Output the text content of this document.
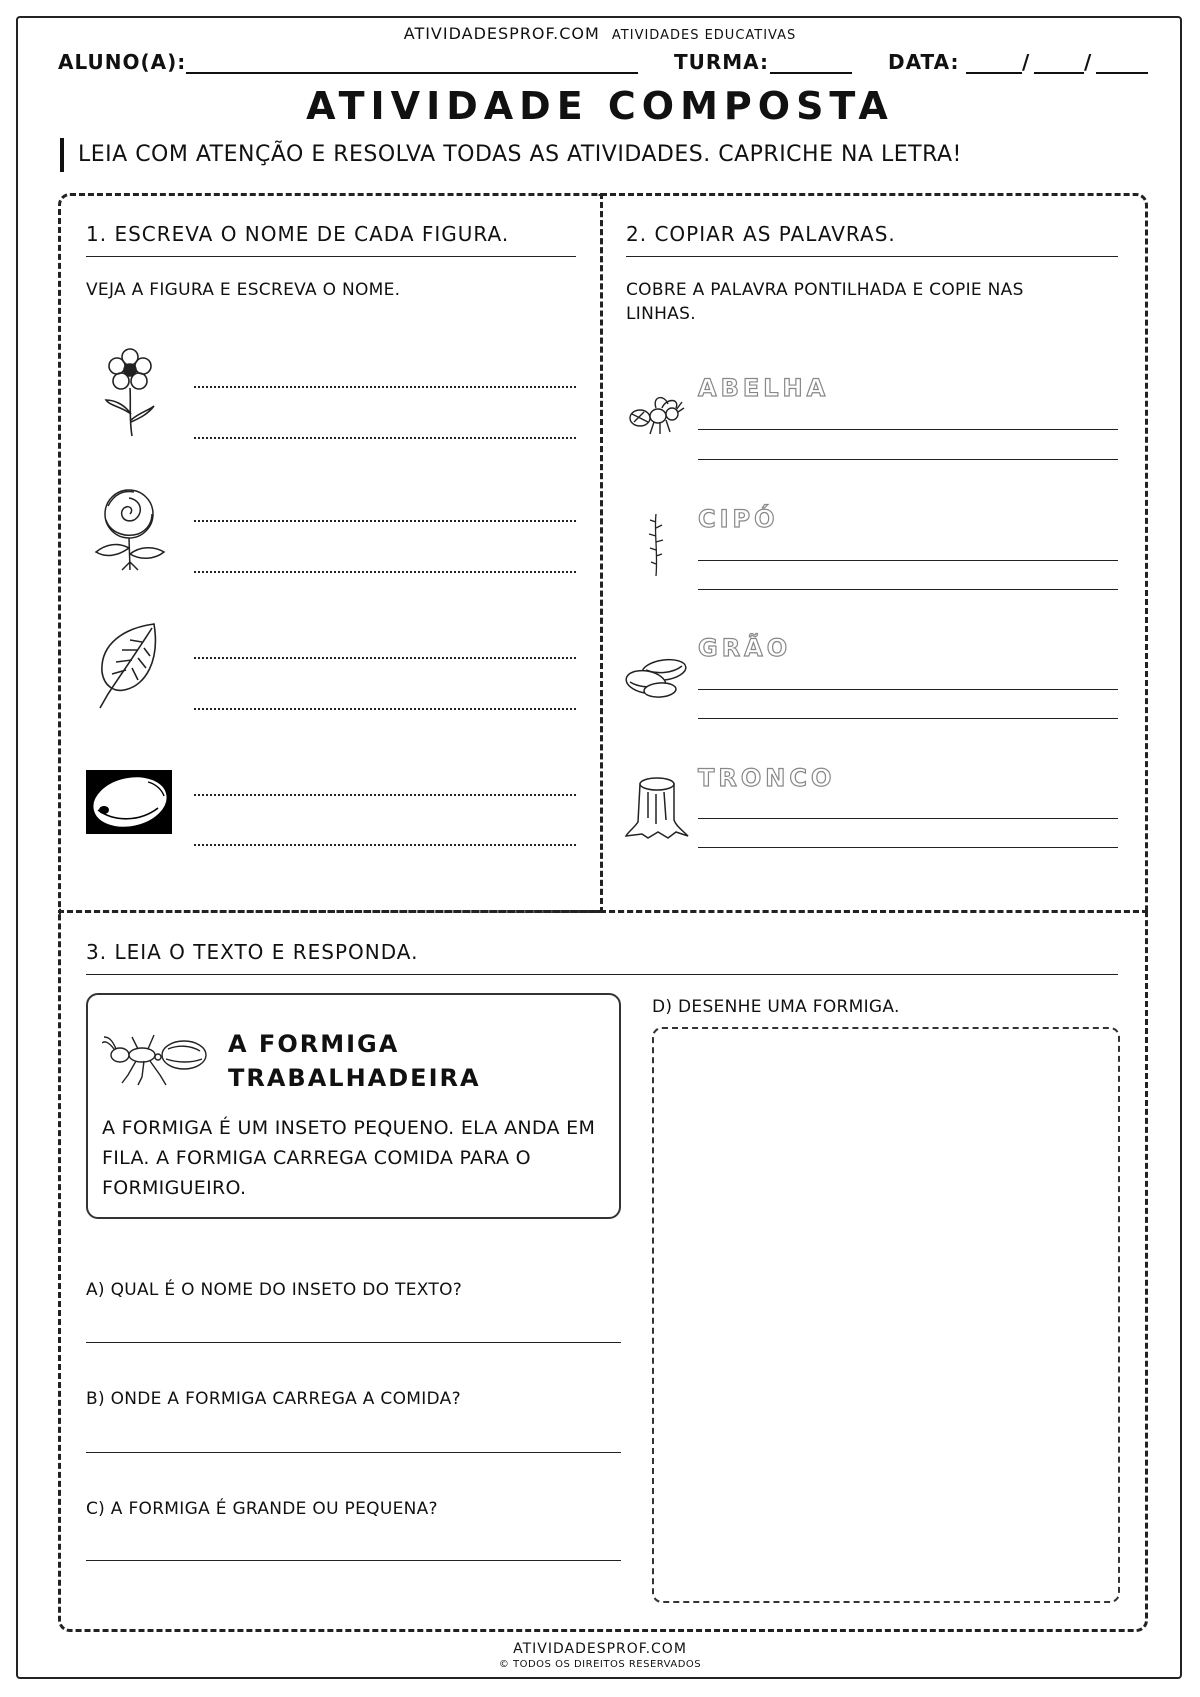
ATIVIDADESPROF.COM ATIVIDADES EDUCATIVAS
ALUNO(A):	TURMA:	DATA:	/	/
ATIVIDADE COMPOSTA
LEIA COM ATENÇÃO E RESOLVA TODAS AS ATIVIDADES. CAPRICHE NA LETRA!
1. ESCREVA O NOME DE CADA FIGURA.
VEJA A FIGURA E ESCREVA O NOME.
2. COPIAR AS PALAVRAS.
COBRE A PALAVRA PONTILHADA E COPIE NAS LINHAS.
ABELHA
CIPÓ
GRÃO
TRONCO
3. LEIA O TEXTO E RESPONDA.
A FORMIGA
TRABALHADEIRA
A FORMIGA É UM INSETO PEQUENO. ELA ANDA EM FILA. A FORMIGA CARREGA COMIDA PARA O FORMIGUEIRO.
A) QUAL É O NOME DO INSETO DO TEXTO?
B) ONDE A FORMIGA CARREGA A COMIDA?
C) A FORMIGA É GRANDE OU PEQUENA?
D) DESENHE UMA FORMIGA.
ATIVIDADESPROF.COM
© TODOS OS DIREITOS RESERVADOS
